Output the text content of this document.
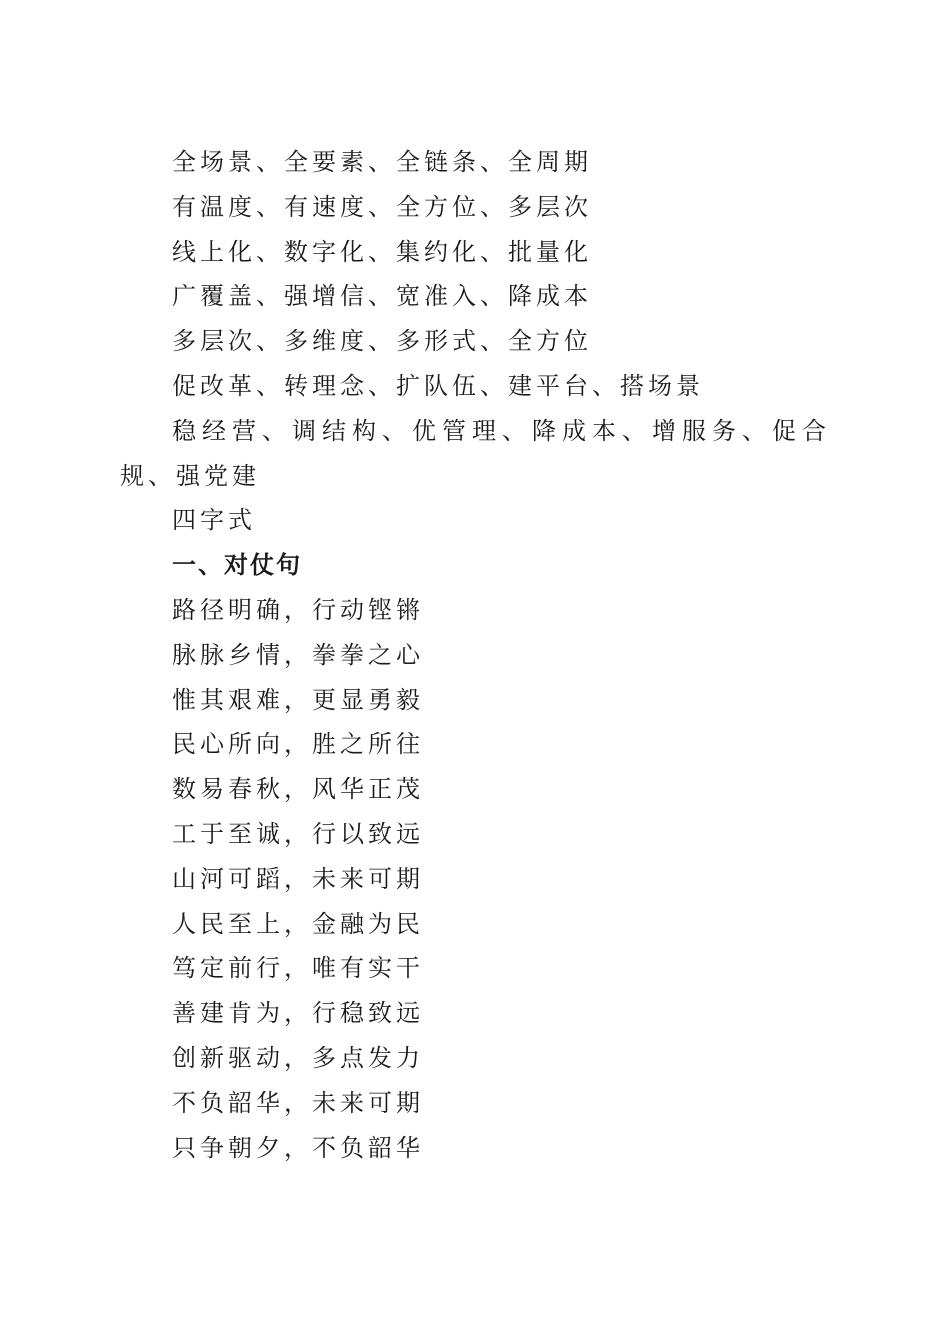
全场景、全要素、全链条、全周期
有温度、有速度、全方位、多层次
线上化、数字化、集约化、批量化
广覆盖、强增信、宽准入、降成本
多层次、多维度、多形式、全方位
促改革、转理念、扩队伍、建平台、搭场景
稳经营、调结构、优管理、降成本、增服务、促合规、强党建
四字式
一、对仗句
路径明确，行动铿锵
脉脉乡情，拳拳之心
惟其艰难，更显勇毅
民心所向，胜之所往
数易春秋，风华正茂
工于至诚，行以致远
山河可蹈，未来可期
人民至上，金融为民
笃定前行，唯有实干
善建肯为，行稳致远
创新驱动，多点发力
不负韶华，未来可期
只争朝夕，不负韶华
